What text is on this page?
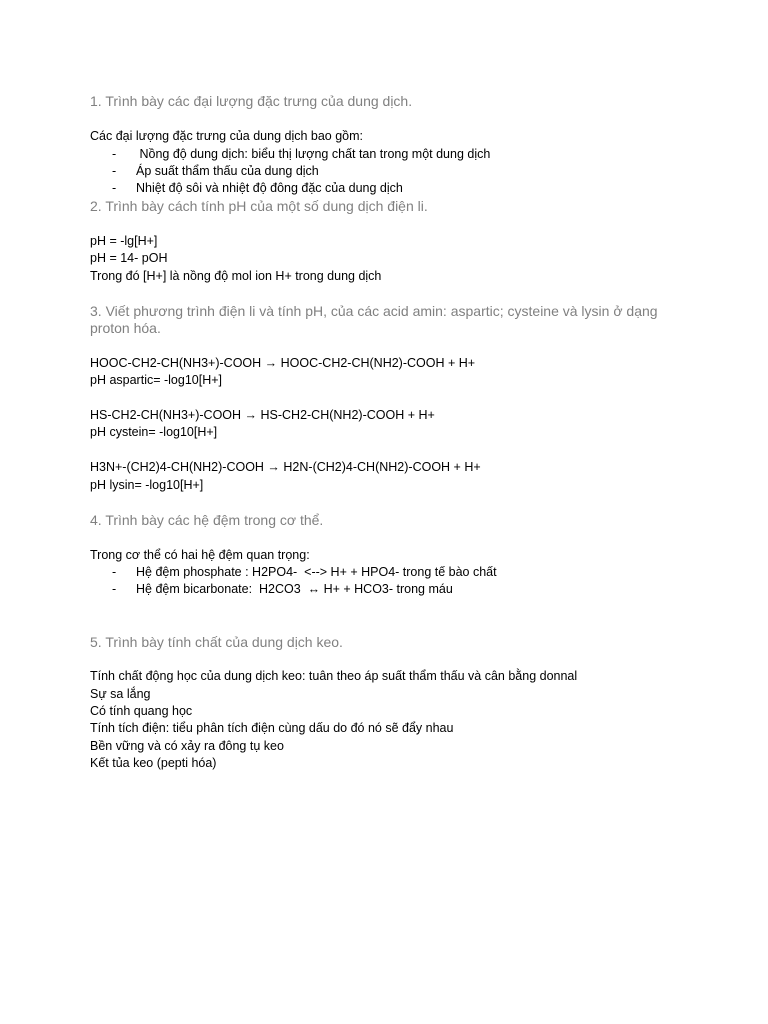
1. Trình bày các đại lượng đặc trưng của dung dịch.
Các đại lượng đặc trưng của dung dịch bao gồm:
- Nồng độ dung dịch: biểu thị lượng chất tan trong một dung dịch
- Áp suất thẩm thấu của dung dịch
- Nhiệt độ sôi và nhiệt độ đông đặc của dung dịch
2. Trình bày cách tính pH của một số dung dịch điện li.
pH = -lg[H+]
pH = 14- pOH
Trong đó [H+] là nồng độ mol ion H+ trong dung dịch
3. Viết phương trình điện li và tính pH, của các acid amin: aspartic; cysteine và lysin ở dạng proton hóa.
HOOC-CH2-CH(NH3+)-COOH → HOOC-CH2-CH(NH2)-COOH + H+
pH aspartic= -log10[H+]
HS-CH2-CH(NH3+)-COOH → HS-CH2-CH(NH2)-COOH + H+
pH cystein= -log10[H+]
H3N+-(CH2)4-CH(NH2)-COOH → H2N-(CH2)4-CH(NH2)-COOH + H+
pH lysin= -log10[H+]
4. Trình bày các hệ đệm trong cơ thể.
Trong cơ thể có hai hệ đệm quan trọng:
- Hệ đệm phosphate : H2PO4-  <--> H+ + HPO4- trong tế bào chất
- Hệ đệm bicarbonate:  H2CO3  ↔ H+ + HCO3- trong máu
5. Trình bày tính chất của dung dịch keo.
Tính chất động học của dung dịch keo: tuân theo áp suất thẩm thấu và cân bằng donnal
Sự sa lắng
Có tính quang học
Tính tích điện: tiểu phân tích điện cùng dấu do đó nó sẽ đẩy nhau
Bền vững và có xảy ra đông tụ keo
Kết tủa keo (pepti hóa)
